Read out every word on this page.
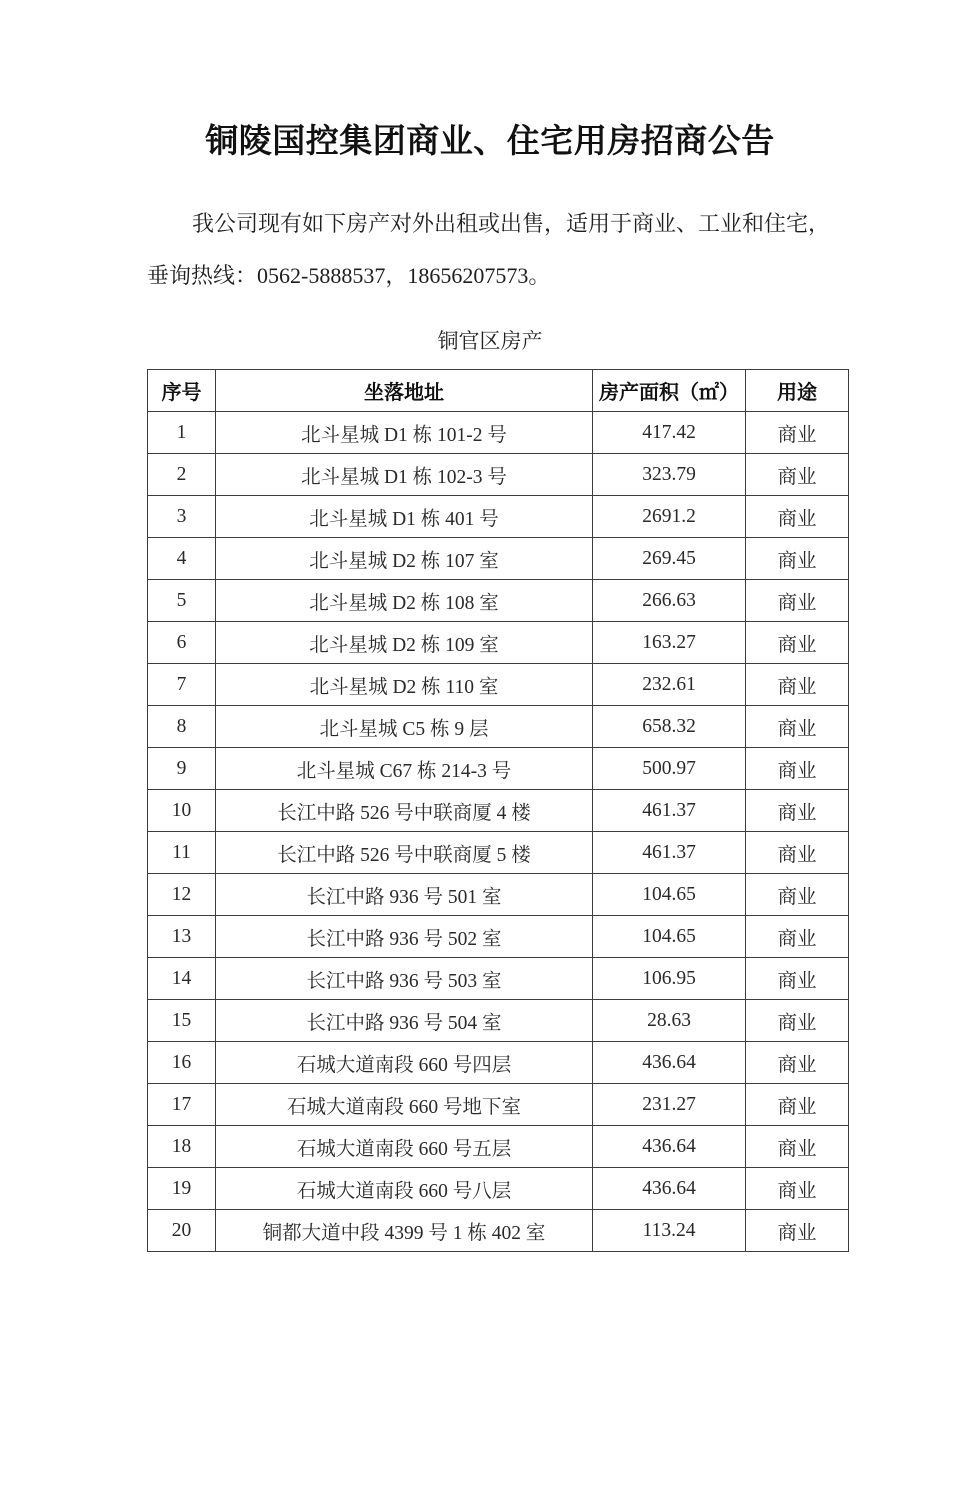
铜陵国控集团商业、住宅用房招商公告
我公司现有如下房产对外出租或出售，适用于商业、工业和住宅，
垂询热线：0562-5888537，18656207573。
铜官区房产
序号	坐落地址	房产面积（㎡）	用途
1	北斗星城 D1 栋 101-2 号	417.42	商业
2	北斗星城 D1 栋 102-3 号	323.79	商业
3	北斗星城 D1 栋 401 号	2691.2	商业
4	北斗星城 D2 栋 107 室	269.45	商业
5	北斗星城 D2 栋 108 室	266.63	商业
6	北斗星城 D2 栋 109 室	163.27	商业
7	北斗星城 D2 栋 110 室	232.61	商业
8	北斗星城 C5 栋 9 层	658.32	商业
9	北斗星城 C67 栋 214-3 号	500.97	商业
10	长江中路 526 号中联商厦 4 楼	461.37	商业
11	长江中路 526 号中联商厦 5 楼	461.37	商业
12	长江中路 936 号 501 室	104.65	商业
13	长江中路 936 号 502 室	104.65	商业
14	长江中路 936 号 503 室	106.95	商业
15	长江中路 936 号 504 室	28.63	商业
16	石城大道南段 660 号四层	436.64	商业
17	石城大道南段 660 号地下室	231.27	商业
18	石城大道南段 660 号五层	436.64	商业
19	石城大道南段 660 号八层	436.64	商业
20	铜都大道中段 4399 号 1 栋 402 室	113.24	商业
